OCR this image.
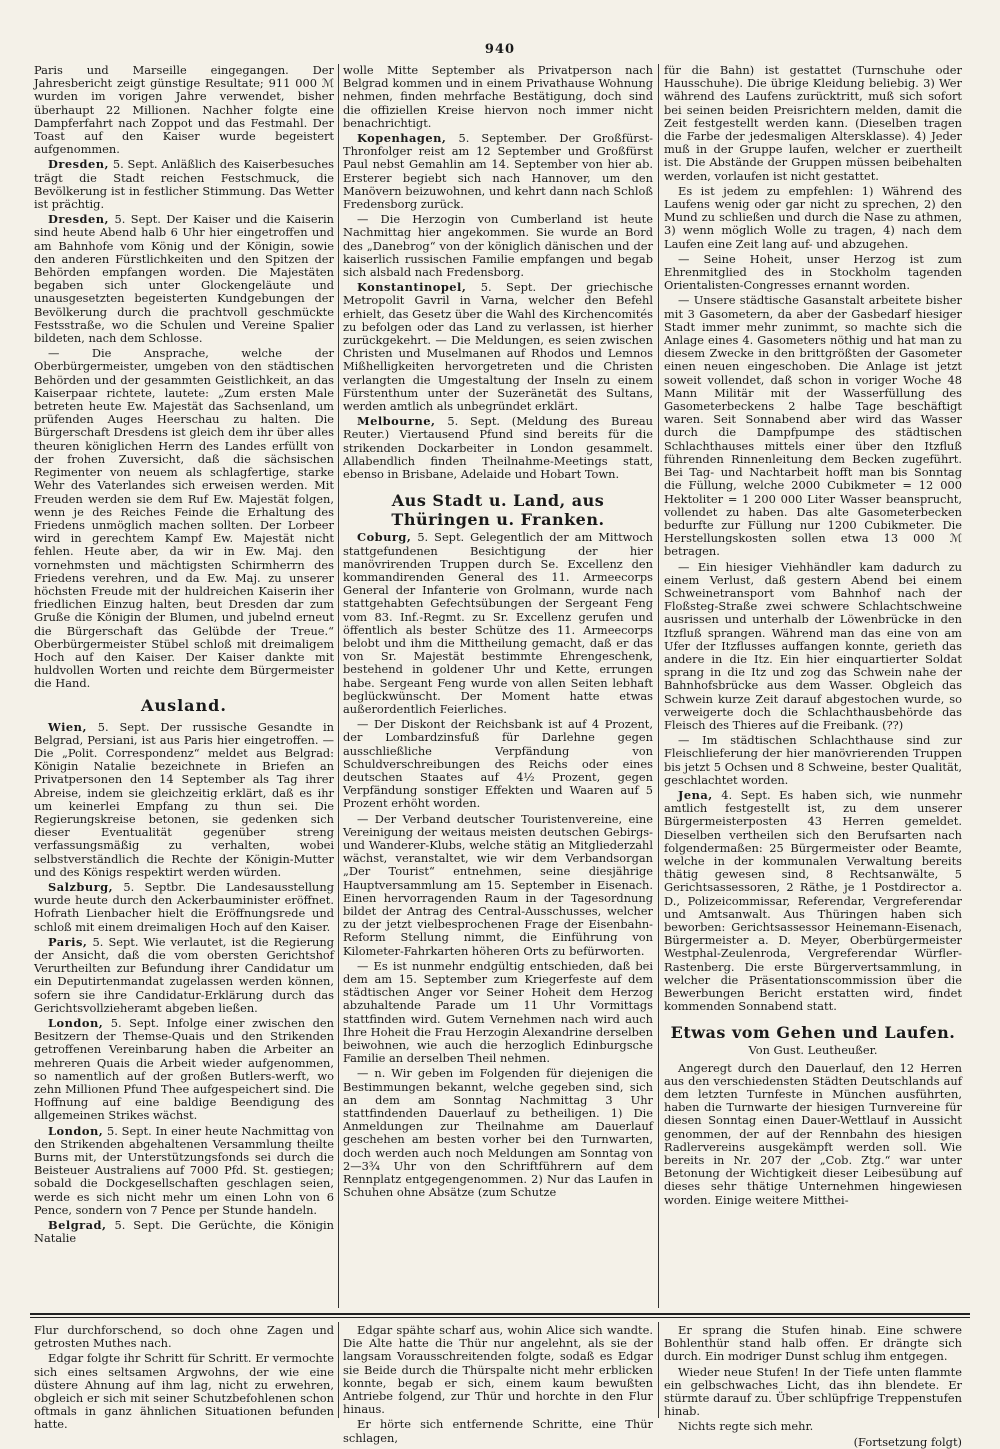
940

Paris und Marseille eingegangen. Der Jahresbericht zeigt günstige Resultate; 911 000 ℳ wurden im vorigen Jahre verwendet, bisher überhaupt 22 Millionen. Nachher folgte eine Dampferfahrt nach Zoppot und das Festmahl. Der Toast auf den Kaiser wurde begeistert aufgenommen.

Dresden, 5. Sept. Anläßlich des Kaiserbesuches trägt die Stadt reichen Festschmuck, die Bevölkerung ist in festlicher Stimmung. Das Wetter ist prächtig.

Dresden, 5. Sept. Der Kaiser und die Kaiserin sind heute Abend halb 6 Uhr hier eingetroffen und am Bahnhofe vom König und der Königin, sowie den anderen Fürstlichkeiten und den Spitzen der Behörden empfangen worden. Die Majestäten begaben sich unter Glockengeläute und unausgesetzten begeisterten Kundgebungen der Bevölkerung durch die prachtvoll geschmückte Festsstraße, wo die Schulen und Vereine Spalier bildeten, nach dem Schlosse.

— Die Ansprache, welche der Oberbürgermeister, umgeben von den städtischen Behörden und der gesammten Geistlichkeit, an das Kaiserpaar richtete, lautete: „Zum ersten Male betreten heute Ew. Majestät das Sachsenland, um prüfenden Auges Heerschau zu halten. Die Bürgerschaft Dresdens ist gleich dem ihr über alles theuren königlichen Herrn des Landes erfüllt von der frohen Zuversicht, daß die sächsischen Regimenter von neuem als schlagfertige, starke Wehr des Vaterlandes sich erweisen werden. Mit Freuden werden sie dem Ruf Ew. Majestät folgen, wenn je des Reiches Feinde die Erhaltung des Friedens unmöglich machen sollten. Der Lorbeer wird in gerechtem Kampf Ew. Majestät nicht fehlen. Heute aber, da wir in Ew. Maj. den vornehmsten und mächtigsten Schirmherrn des Friedens verehren, und da Ew. Maj. zu unserer höchsten Freude mit der huldreichen Kaiserin iher friedlichen Einzug halten, beut Dresden dar zum Gruße die Königin der Blumen, und jubelnd erneut die Bürgerschaft das Gelübde der Treue.“ Oberbürgermeister Stübel schloß mit dreimaligem Hoch auf den Kaiser. Der Kaiser dankte mit huldvollen Worten und reichte dem Bürgermeister die Hand.

Ausland.

Wien, 5. Sept. Der russische Gesandte in Belgrad, Persiani, ist aus Paris hier eingetroffen. — Die „Polit. Correspondenz“ meldet aus Belgrad: Königin Natalie bezeichnete in Briefen an Privatpersonen den 14 September als Tag ihrer Abreise, indem sie gleichzeitig erklärt, daß es ihr um keinerlei Empfang zu thun sei. Die Regierungskreise betonen, sie gedenken sich dieser Eventualität gegenüber streng verfassungsmäßig zu verhalten, wobei selbstverständlich die Rechte der Königin-Mutter und des Königs respektirt werden würden.

Salzburg, 5. Septbr. Die Landesausstellung wurde heute durch den Ackerbauminister eröffnet. Hofrath Lienbacher hielt die Eröffnungsrede und schloß mit einem dreimaligen Hoch auf den Kaiser.

Paris, 5. Sept. Wie verlautet, ist die Regierung der Ansicht, daß die vom obersten Gerichtshof Verurtheilten zur Befundung ihrer Candidatur um ein Deputirtenmandat zugelassen werden können, sofern sie ihre Candidatur-Erklärung durch das Gerichtsvollzieheramt abgeben ließen.

London, 5. Sept. Infolge einer zwischen den Besitzern der Themse-Quais und den Strikenden getroffenen Vereinbarung haben die Arbeiter an mehreren Quais die Arbeit wieder aufgenommen, so namentlich auf der großen Butlers-werft, wo zehn Millionen Pfund Thee aufgespeichert sind. Die Hoffnung auf eine baldige Beendigung des allgemeinen Strikes wächst.

London, 5. Sept. In einer heute Nachmittag von den Strikenden abgehaltenen Versammlung theilte Burns mit, der Unterstützungsfonds sei durch die Beisteuer Australiens auf 7000 Pfd. St. gestiegen; sobald die Dockgesellschaften geschlagen seien, werde es sich nicht mehr um einen Lohn von 6 Pence, sondern von 7 Pence per Stunde handeln.

Belgrad, 5. Sept. Die Gerüchte, die Königin Natalie

wolle Mitte September als Privatperson nach Belgrad kommen und in einem Privathause Wohnung nehmen, finden mehrfache Bestätigung, doch sind die offiziellen Kreise hiervon noch immer nicht benachrichtigt.

Kopenhagen, 5. September. Der Großfürst-Thronfolger reist am 12 September und Großfürst Paul nebst Gemahlin am 14. September von hier ab. Ersterer begiebt sich nach Hannover, um den Manövern beizuwohnen, und kehrt dann nach Schloß Fredensborg zurück.

— Die Herzogin von Cumberland ist heute Nachmittag hier angekommen. Sie wurde an Bord des „Danebrog“ von der königlich dänischen und der kaiserlich russischen Familie empfangen und begab sich alsbald nach Fredensborg.

Konstantinopel, 5. Sept. Der griechische Metropolit Gavril in Varna, welcher den Befehl erhielt, das Gesetz über die Wahl des Kirchencomités zu befolgen oder das Land zu verlassen, ist hierher zurückgekehrt. — Die Meldungen, es seien zwischen Christen und Muselmanen auf Rhodos und Lemnos Mißhelligkeiten hervorgetreten und die Christen verlangten die Umgestaltung der Inseln zu einem Fürstenthum unter der Suzeränetät des Sultans, werden amtlich als unbegründet erklärt.

Melbourne, 5. Sept. (Meldung des Bureau Reuter.) Viertausend Pfund sind bereits für die strikenden Dockarbeiter in London gesammelt. Allabendlich finden Theilnahme-Meetings statt, ebenso in Brisbane, Adelaide und Hobart Town.

Aus Stadt u. Land, aus Thüringen u. Franken.

Coburg, 5. Sept. Gelegentlich der am Mittwoch stattgefundenen Besichtigung der hier manövrirenden Truppen durch Se. Excellenz den kommandirenden General des 11. Armeecorps General der Infanterie von Grolmann, wurde nach stattgehabten Gefechtsübungen der Sergeant Feng vom 83. Inf.-Regmt. zu Sr. Excellenz gerufen und öffentlich als bester Schütze des 11. Armeecorps belobt und ihm die Mittheilung gemacht, daß er das von Sr. Majestät bestimmte Ehrengeschenk, bestehend in goldener Uhr und Kette, errungen habe. Sergeant Feng wurde von allen Seiten lebhaft beglückwünscht. Der Moment hatte etwas außerordentlich Feierliches.

— Der Diskont der Reichsbank ist auf 4 Prozent, der Lombardzinsfuß für Darlehne gegen ausschließliche Verpfändung von Schuldverschreibungen des Reichs oder eines deutschen Staates auf 4½ Prozent, gegen Verpfändung sonstiger Effekten und Waaren auf 5 Prozent erhöht worden.

— Der Verband deutscher Touristenvereine, eine Vereinigung der weitaus meisten deutschen Gebirgs- und Wanderer-Klubs, welche stätig an Mitgliederzahl wächst, veranstaltet, wie wir dem Verbandsorgan „Der Tourist“ entnehmen, seine diesjährige Hauptversammlung am 15. September in Eisenach. Einen hervorragenden Raum in der Tagesordnung bildet der Antrag des Central-Ausschusses, welcher zu der jetzt vielbesprochenen Frage der Eisenbahn-Reform Stellung nimmt, die Einführung von Kilometer-Fahrkarten höheren Orts zu befürworten.

— Es ist nunmehr endgültig entschieden, daß bei dem am 15. September zum Kriegerfeste auf dem städtischen Anger vor Seiner Hoheit dem Herzog abzuhaltende Parade um 11 Uhr Vormittags stattfinden wird. Gutem Vernehmen nach wird auch Ihre Hoheit die Frau Herzogin Alexandrine derselben beiwohnen, wie auch die herzoglich Edinburgsche Familie an derselben Theil nehmen.

— n. Wir geben im Folgenden für diejenigen die Bestimmungen bekannt, welche gegeben sind, sich an dem am Sonntag Nachmittag 3 Uhr stattfindenden Dauerlauf zu betheiligen. 1) Die Anmeldungen zur Theilnahme am Dauerlauf geschehen am besten vorher bei den Turnwarten, doch werden auch noch Meldungen am Sonntag von 2—3¾ Uhr von den Schriftführern auf dem Rennplatz entgegengenommen. 2) Nur das Laufen in Schuhen ohne Absätze (zum Schutze

für die Bahn) ist gestattet (Turnschuhe oder Hausschuhe). Die übrige Kleidung beliebig. 3) Wer während des Laufens zurücktritt, muß sich sofort bei seinen beiden Preisrichtern melden, damit die Zeit festgestellt werden kann. (Dieselben tragen die Farbe der jedesmaligen Altersklasse). 4) Jeder muß in der Gruppe laufen, welcher er zuertheilt ist. Die Abstände der Gruppen müssen beibehalten werden, vorlaufen ist nicht gestattet.

Es ist jedem zu empfehlen: 1) Während des Laufens wenig oder gar nicht zu sprechen, 2) den Mund zu schließen und durch die Nase zu athmen, 3) wenn möglich Wolle zu tragen, 4) nach dem Laufen eine Zeit lang auf- und abzugehen.

— Seine Hoheit, unser Herzog ist zum Ehrenmitglied des in Stockholm tagenden Orientalisten-Congresses ernannt worden.

— Unsere städtische Gasanstalt arbeitete bisher mit 3 Gasometern, da aber der Gasbedarf hiesiger Stadt immer mehr zunimmt, so machte sich die Anlage eines 4. Gasometers nöthig und hat man zu diesem Zwecke in den brittgrößten der Gasometer einen neuen eingeschoben. Die Anlage ist jetzt soweit vollendet, daß schon in voriger Woche 48 Mann Militär mit der Wasserfüllung des Gasometerbeckens 2 halbe Tage beschäftigt waren. Seit Sonnabend aber wird das Wasser durch die Dampfpumpe des städtischen Schlachthauses mittels einer über den Itzfluß führenden Rinnenleitung dem Becken zugeführt. Bei Tag- und Nachtarbeit hofft man bis Sonntag die Füllung, welche 2000 Cubikmeter = 12 000 Hektoliter = 1 200 000 Liter Wasser beansprucht, vollendet zu haben. Das alte Gasometerbecken bedurfte zur Füllung nur 1200 Cubikmeter. Die Herstellungskosten sollen etwa 13 000 ℳ betragen.

— Ein hiesiger Viehhändler kam dadurch zu einem Verlust, daß gestern Abend bei einem Schweinetransport vom Bahnhof nach der Floßsteg-Straße zwei schwere Schlachtschweine ausrissen und unterhalb der Löwenbrücke in den Itzfluß sprangen. Während man das eine von am Ufer der Itzflusses auffangen konnte, gerieth das andere in die Itz. Ein hier einquartierter Soldat sprang in die Itz und zog das Schwein nahe der Bahnhofsbrücke aus dem Wasser. Obgleich das Schwein kurze Zeit darauf abgestochen wurde, so verweigerte doch die Schlachthausbehörde das Fleisch des Thieres auf die Freibank. (??)

— Im städtischen Schlachthause sind zur Fleischlieferung der hier manövrierenden Truppen bis jetzt 5 Ochsen und 8 Schweine, bester Qualität, geschlachtet worden.

Jena, 4. Sept. Es haben sich, wie nunmehr amtlich festgestellt ist, zu dem unserer Bürgermeisterposten 43 Herren gemeldet. Dieselben vertheilen sich den Berufsarten nach folgendermaßen: 25 Bürgermeister oder Beamte, welche in der kommunalen Verwaltung bereits thätig gewesen sind, 8 Rechtsanwälte, 5 Gerichtsassessoren, 2 Räthe, je 1 Postdirector a. D., Polizeicommissar, Referendar, Vergreferendar und Amtsanwalt. Aus Thüringen haben sich beworben: Gerichtsassessor Heinemann-Eisenach, Bürgermeister a. D. Meyer, Oberbürgermeister Westphal-Zeulenroda, Vergreferendar Würfler-Rastenberg. Die erste Bürgervertsammlung, in welcher die Präsentationscommission über die Bewerbungen Bericht erstatten wird, findet kommenden Sonnabend statt.

Etwas vom Gehen und Laufen.

Von Gust. Leutheußer.

Angeregt durch den Dauerlauf, den 12 Herren aus den verschiedensten Städten Deutschlands auf dem letzten Turnfeste in München ausführten, haben die Turnwarte der hiesigen Turnvereine für diesen Sonntag einen Dauer-Wettlauf in Aussicht genommen, der auf der Rennbahn des hiesigen Radlervereins ausgekämpft werden soll. Wie bereits in Nr. 207 der „Cob. Ztg.“ war unter Betonung der Wichtigkeit dieser Leibesübung auf dieses sehr thätige Unternehmen hingewiesen worden. Einige weitere Mitthei-

Flur durchforschend, so doch ohne Zagen und getrosten Muthes nach.

Edgar folgte ihr Schritt für Schritt. Er vermochte sich eines seltsamen Argwohns, der wie eine düstere Ahnung auf ihm lag, nicht zu erwehren, obgleich er sich mit seiner Schutzbefohlenen schon oftmals in ganz ähnlichen Situationen befunden hatte.

Edgar spähte scharf aus, wohin Alice sich wandte. Die Alte hatte die Thür nur angelehnt, als sie der langsam Vorausschreitenden folgte, sodaß es Edgar sie Beide durch die Thürspalte nicht mehr erblicken konnte, begab er sich, einem kaum bewußten Antriebe folgend, zur Thür und horchte in den Flur hinaus.

Er hörte sich entfernende Schritte, eine Thür schlagen,

Er sprang die Stufen hinab. Eine schwere Bohlenthür stand halb offen. Er drängte sich durch. Ein modriger Dunst schlug ihm entgegen.

Wieder neue Stufen! In der Tiefe unten flammte ein gelbschwaches Licht, das ihn blendete. Er stürmte darauf zu. Über schlüpfrige Treppenstufen hinab.

Nichts regte sich mehr.

(Fortsetzung folgt)
